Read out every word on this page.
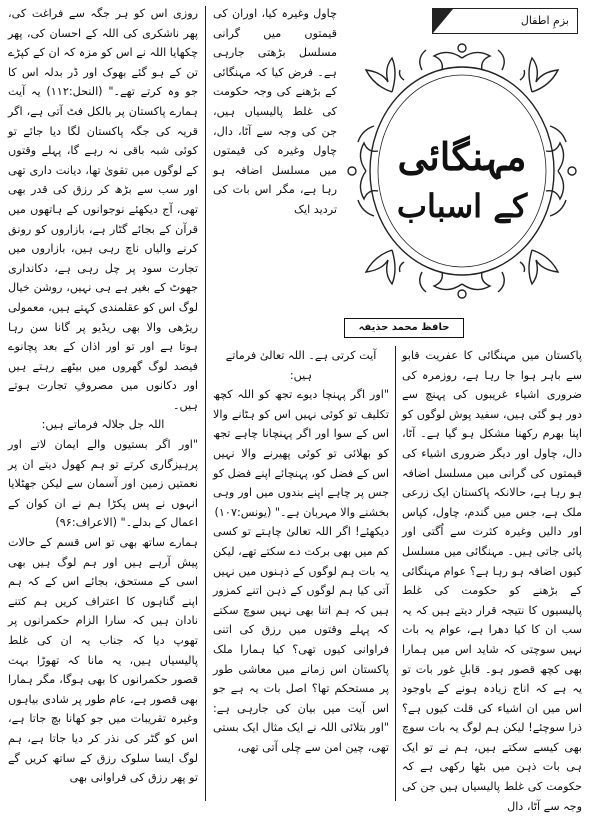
بزمِ اطفال
مہنگائی
کے اسباب
حافظ محمد حذیفہ

روزی اس کو ہر جگہ سے فراغت کی، پھر ناشکری کی اللہ کے احسان کی، پھر چکھایا اللہ نے اس کو مزہ کہ ان کے کپڑے تن کے ہو گئے بھوک اور ڈر بدلہ اس کا جو وہ کرتے تھے۔" (النحل:۱۱۲) یہ آیت ہمارے پاکستان پر بالکل فٹ آتی ہے، اگر قریہ کی جگہ پاکستان لگا دیا جائے تو کوئی شبہ باقی نہ رہے گا، پہلے وقتوں کے لوگوں میں تقویٰ تھا، دیانت داری تھی اور سب سے بڑھ کر رزق کی قدر بھی تھی، آج دیکھئے نوجوانوں کے ہاتھوں میں قرآن کے بجائے گٹار ہے، بازاروں کو رونق کرنے والیاں ناچ رہی ہیں، بازاروں میں تجارت سود پر چل رہی ہے، دکانداری جھوٹ کے بغیر ہے ہی نہیں، روشن خیال لوگ اس کو عقلمندی کہتے ہیں، معمولی ریڑھی والا بھی ریڈیو پر گانا سن رہا ہوتا ہے اور تو اور اذان کے بعد پچانوے فیصد لوگ گھروں میں بیٹھے رہتے ہیں اور دکانوں میں مصروفِ تجارت ہوتے ہیں۔

اللہ جل جلالہ فرماتے ہیں:

"اور اگر بستیوں والے ایمان لاتے اور پرہیزگاری کرتے تو ہم کھول دیتے ان پر نعمتیں زمین اور آسمان سے لیکن جھٹلایا انہوں نے پس پکڑا ہم نے ان کوان کے اعمال کے بدلے۔" (الاعراف:۹۶)

ہمارے ساتھ بھی تو اس قسم کے حالات پیش آرہے ہیں اور ہم لوگ ہیں بھی اسی کے مستحق، بجائے اس کے کہ ہم اپنے گناہوں کا اعتراف کریں ہم کتنے نادان ہیں کہ سارا الزام حکمرانوں پر تھوپ دیا کہ جناب یہ ان کی غلط پالیسیاں ہیں، یہ مانا کہ تھوڑا بہت قصور حکمرانوں کا بھی ہوگا، مگر ہمارا بھی قصور ہے، عام طور پر شادی بیاہوں وغیرہ تقریبات میں جو کھانا بچ جاتا ہے، اس کو گٹر کی نذر کر دیا جاتا ہے، ہم لوگ ایسا سلوک رزق کے ساتھ کریں گے تو پھر رزق کی فراوانی بھی

چاول وغیرہ کیا، اوران کی قیمتوں میں گرانی مسلسل بڑھتی جارہی ہے۔ فرض کیا کہ مہنگائی کے بڑھنے کی وجہ حکومت کی غلط پالیسیاں ہیں، جن کی وجہ سے آٹا، دال، چاول وغیرہ کی قیمتوں میں مسلسل اضافہ ہو رہا ہے، مگر اس بات کی تردید ایک

آیت کرتی ہے۔ اللہ تعالیٰ فرماتے ہیں:

"اور اگر پہنچا دیوے تجھ کو اللہ کچھ تکلیف تو کوئی نہیں اس کو ہٹانے والا اس کے سوا اور اگر پہنچانا چاہے تجھ کو بھلائی تو کوئی پھیرنے والا نہیں اس کے فضل کو، پہنچائے اپنے فضل کو جس پر چاہے اپنے بندوں میں اور وہی بخشنے والا مہربان ہے۔" (یونس:۱۰۷)

دیکھئے! اگر اللہ تعالیٰ چاہتے تو کسی کم میں بھی برکت دے سکتے تھے، لیکن یہ بات ہم لوگوں کے ذہنوں میں نہیں آتی کیا ہم لوگوں کے ذہن اتنے کمزور ہیں کہ ہم اتنا بھی نہیں سوچ سکتے کہ پہلے وقتوں میں رزق کی اتنی فراوانی کیوں تھی؟ کیا ہمارا ملک پاکستان اس زمانے میں معاشی طور پر مستحکم تھا؟ اصل بات یہ ہے جو اس آیت میں بیان کی جارہی ہے: "اور بتلائی اللہ نے ایک مثال ایک بستی تھی، چین امن سے چلی آتی تھی،

پاکستان میں مہنگائی کا عفریت قابو سے باہر ہوا جا رہا ہے، روزمرہ کی ضروری اشیاء غریبوں کی پہنچ سے دور ہو گئی ہیں، سفید پوش لوگوں کو اپنا بھرم رکھنا مشکل ہو گیا ہے۔ آٹا، دال، چاول اور دیگر ضروری اشیاء کی قیمتوں کی گرانی میں مسلسل اضافہ ہو رہا ہے، حالانکہ پاکستان ایک زرعی ملک ہے، جس میں گندم، چاول، کپاس اور دالیں وغیرہ کثرت سے اُگتی اور پائی جاتی ہیں۔ مہنگائی میں مسلسل کیوں اضافہ ہو رہا ہے؟ عوام مہنگائی کے بڑھنے کو حکومت کی غلط پالیسیوں کا نتیجہ قرار دیتے ہیں کہ یہ سب ان کا کیا دھرا ہے، عوام یہ بات نہیں سوچتی کہ شاید اس میں ہمارا بھی کچھ قصور ہو۔ قابلِ غور بات تو یہ ہے کہ اناج زیادہ ہونے کے باوجود اس میں ان اشیاء کی قلت کیوں ہے؟ ذرا سوچئے! لیکن ہم لوگ یہ بات سوچ بھی کیسے سکتے ہیں، ہم نے تو ایک ہی بات ذہن میں بٹھا رکھی ہے کہ حکومت کی غلط پالیسیاں ہیں جن کی وجہ سے آٹا، دال
